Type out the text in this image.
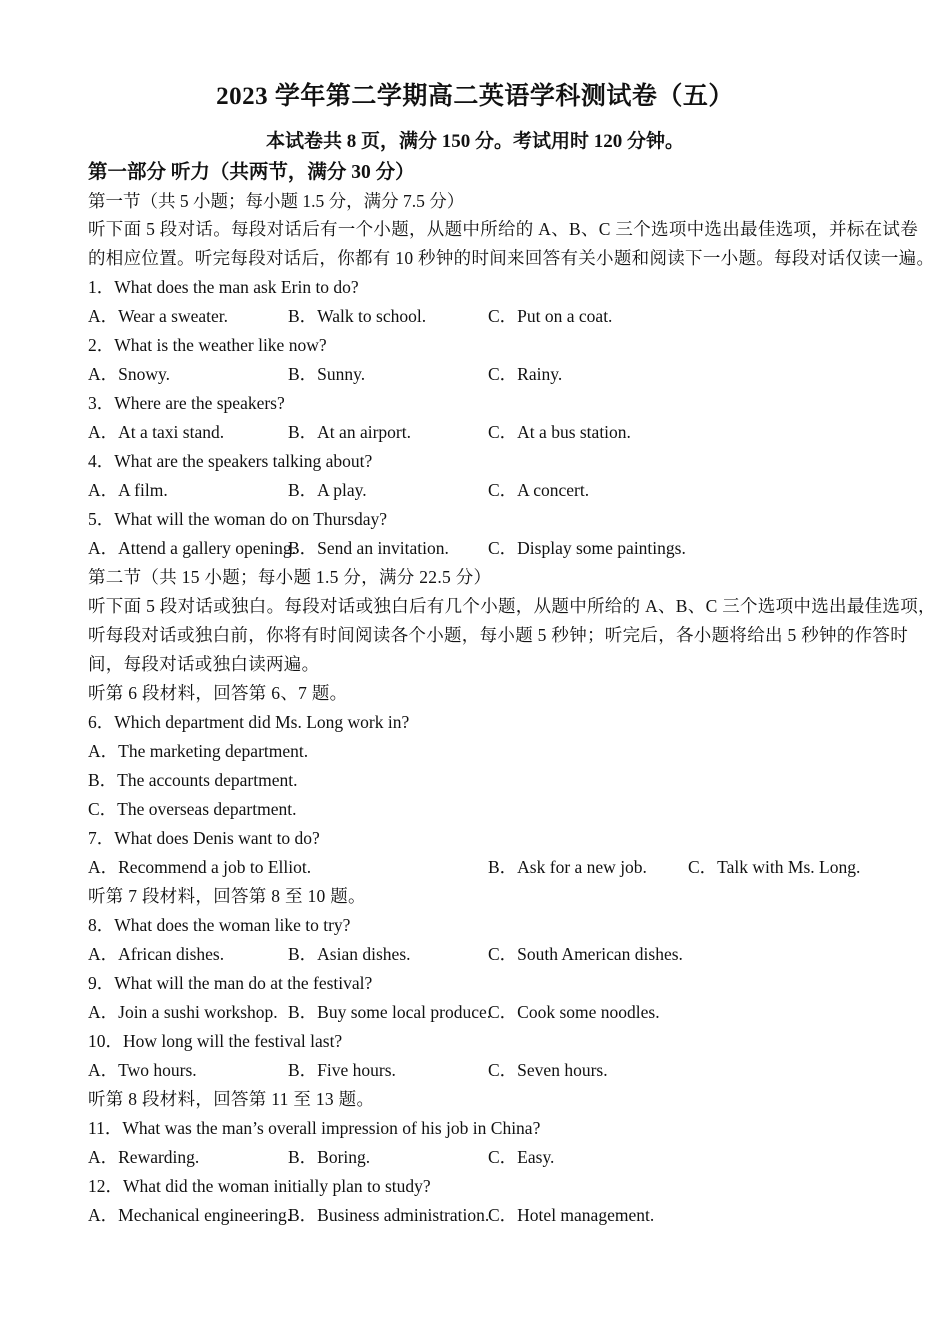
2023 学年第二学期高二英语学科测试卷（五）
本试卷共 8 页，满分 150 分。考试用时 120 分钟。
第一部分 听力（共两节，满分 30 分）
第一节（共 5 小题；每小题 1.5 分，满分 7.5 分）
听下面 5 段对话。每段对话后有一个小题，从题中所给的 A、B、C 三个选项中选出最佳选项，并标在试卷
的相应位置。听完每段对话后，你都有 10 秒钟的时间来回答有关小题和阅读下一小题。每段对话仅读一遍。
1．What does the man ask Erin to do?
A．Wear a sweater.	B．Walk to school.	C．Put on a coat.
2．What is the weather like now?
A．Snowy.	B．Sunny.	C．Rainy.
3．Where are the speakers?
A．At a taxi stand.	B．At an airport.	C．At a bus station.
4．What are the speakers talking about?
A．A film.	B．A play.	C．A concert.
5．What will the woman do on Thursday?
A．Attend a gallery opening.
B．Send an invitation.	C．Display some paintings.
第二节（共 15 小题；每小题 1.5 分，满分 22.5 分）
听下面 5 段对话或独白。每段对话或独白后有几个小题，从题中所给的 A、B、C 三个选项中选出最佳选项，
听每段对话或独白前，你将有时间阅读各个小题，每小题 5 秒钟；听完后，各小题将给出 5 秒钟的作答时
间，每段对话或独白读两遍。
听第 6 段材料，回答第 6、7 题。
6．Which department did Ms. Long work in?
A．The marketing department.
B．The accounts department.
C．The overseas department.
7．What does Denis want to do?
A．Recommend a job to Elliot.	B．Ask for a new job.	C．Talk with Ms. Long.
听第 7 段材料，回答第 8 至 10 题。
8．What does the woman like to try?
A．African dishes.	B．Asian dishes.	C．South American dishes.
9．What will the man do at the festival?
A．Join a sushi workshop. B．Buy some local produce.
C．Cook some noodles.
10．How long will the festival last?
A．Two hours.	B．Five hours.	C．Seven hours.
听第 8 段材料，回答第 11 至 13 题。
11．What was the man’s overall impression of his job in China?
A．Rewarding.	B．Boring.	C．Easy.
12．What did the woman initially plan to study?
A．Mechanical engineering.
B．Business administration.
C．Hotel management.
